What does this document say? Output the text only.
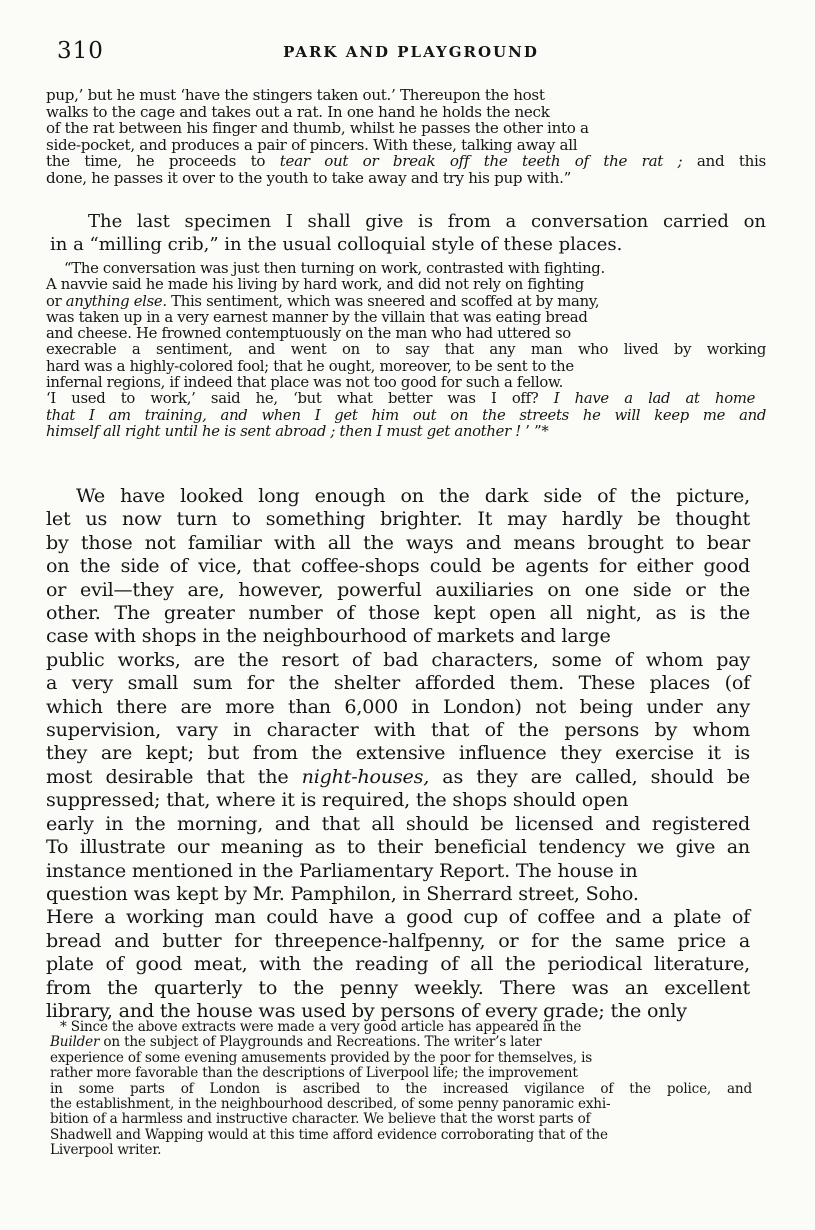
310	PARK AND PLAYGROUND
pup,’ but he must ‘have the stingers taken out.’ Thereupon the host
walks to the cage and takes out a rat. In one hand he holds the neck
of the rat between his finger and thumb, whilst he passes the other into a
side-pocket, and produces a pair of pincers. With these, talking away all
the time, he proceeds to tear out or break off the teeth of the rat ; and this
done, he passes it over to the youth to take away and try his pup with.”
The last specimen I shall give is from a conversation carried on
in a “milling crib,” in the usual colloquial style of these places.
“The conversation was just then turning on work, contrasted with fighting.
A navvie said he made his living by hard work, and did not rely on fighting
or anything else. This sentiment, which was sneered and scoffed at by many,
was taken up in a very earnest manner by the villain that was eating bread
and cheese. He frowned contemptuously on the man who had uttered so
execrable a sentiment, and went on to say that any man who lived by working
hard was a highly-colored fool; that he ought, moreover, to be sent to the
infernal regions, if indeed that place was not too good for such a fellow.
‘I used to work,’ said he, ‘but what better was I off? I have a lad at home
that I am training, and when I get him out on the streets he will keep me and
himself all right until he is sent abroad ; then I must get another ! ’ ”*
We have looked long enough on the dark side of the picture,
let us now turn to something brighter. It may hardly be thought
by those not familiar with all the ways and means brought to bear
on the side of vice, that coffee-shops could be agents for either good
or evil—they are, however, powerful auxiliaries on one side or the
other. The greater number of those kept open all night, as is the
case with shops in the neighbourhood of markets and large
public works, are the resort of bad characters, some of whom pay
a very small sum for the shelter afforded them. These places (of
which there are more than 6,000 in London) not being under any
supervision, vary in character with that of the persons by whom
they are kept; but from the extensive influence they exercise it is
most desirable that the night-houses, as they are called, should be
suppressed; that, where it is required, the shops should open
early in the morning, and that all should be licensed and registered
To illustrate our meaning as to their beneficial tendency we give an
instance mentioned in the Parliamentary Report. The house in
question was kept by Mr. Pamphilon, in Sherrard street, Soho.
Here a working man could have a good cup of coffee and a plate of
bread and butter for threepence-halfpenny, or for the same price a
plate of good meat, with the reading of all the periodical literature,
from the quarterly to the penny weekly. There was an excellent
library, and the house was used by persons of every grade; the only
* Since the above extracts were made a very good article has appeared in the
Builder on the subject of Playgrounds and Recreations. The writer’s later
experience of some evening amusements provided by the poor for themselves, is
rather more favorable than the descriptions of Liverpool life; the improvement
in some parts of London is ascribed to the increased vigilance of the police, and
the establishment, in the neighbourhood described, of some penny panoramic exhi-
bition of a harmless and instructive character. We believe that the worst parts of
Shadwell and Wapping would at this time afford evidence corroborating that of the
Liverpool writer.
